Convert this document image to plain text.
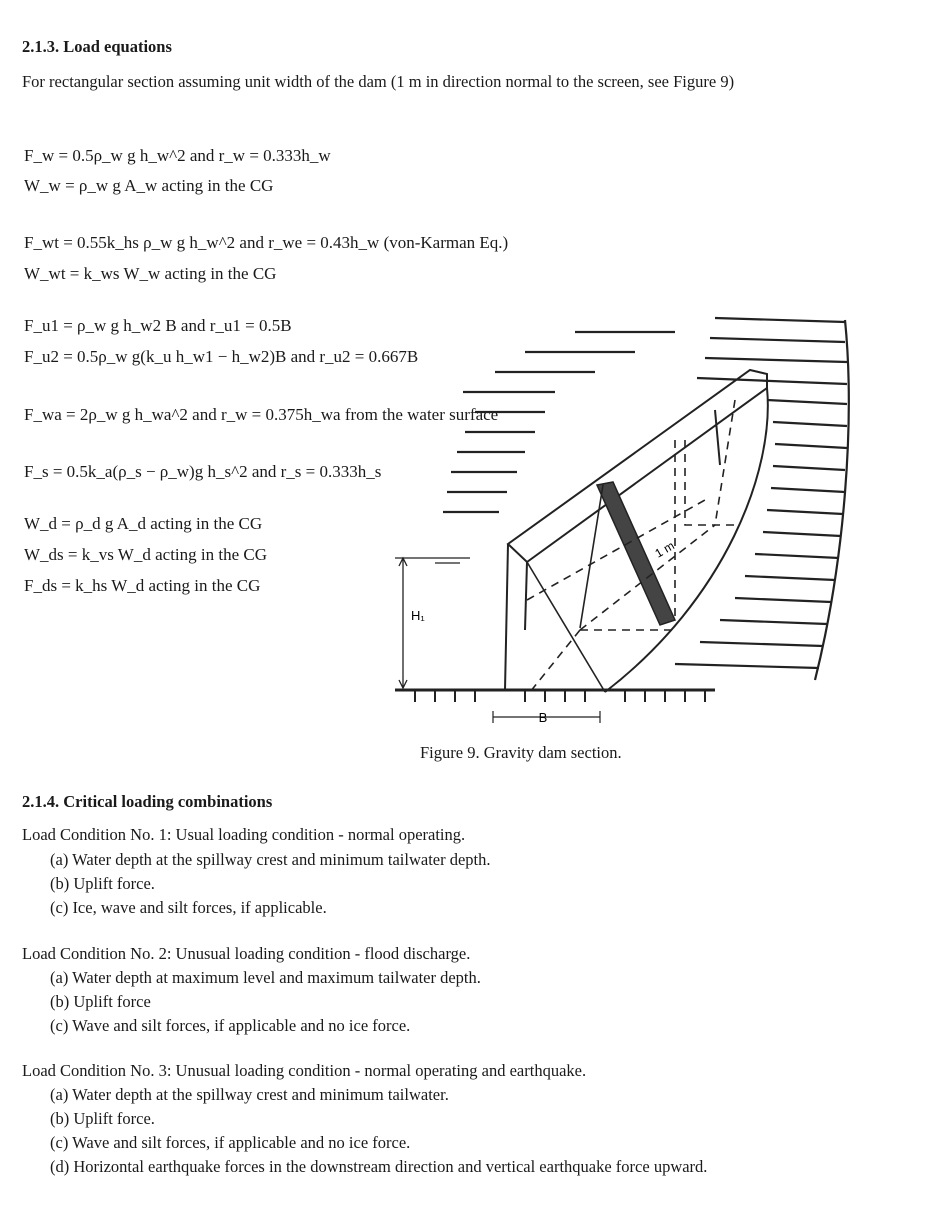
2.1.3. Load equations
For rectangular section assuming unit width of the dam (1 m in direction normal to the screen, see Figure 9)
F_w = 0.5ρ_w g h_w^2 and r_w = 0.333h_w
W_w = ρ_w g A_w acting in the CG
F_wt = 0.55k_hs ρ_w g h_w^2 and r_we = 0.43h_w (von-Karman Eq.)
W_wt = k_ws W_w acting in the CG
F_u1 = ρ_w g h_w2 B and r_u1 = 0.5B
F_u2 = 0.5ρ_w g(k_u h_w1 − h_w2)B and r_u2 = 0.667B
F_wa = 2ρ_w g h_wa^2 and r_w = 0.375h_wa from the water surface
F_s = 0.5k_a(ρ_s − ρ_w)g h_s^2 and r_s = 0.333h_s
W_d = ρ_d g A_d acting in the CG
W_ds = k_vs W_d acting in the CG
F_ds = k_hs W_d acting in the CG
H₁
B
1 m
Figure 9. Gravity dam section.
2.1.4. Critical loading combinations
Load Condition No. 1: Usual loading condition - normal operating.
(a) Water depth at the spillway crest and minimum tailwater depth.
(b) Uplift force.
(c) Ice, wave and silt forces, if applicable.
Load Condition No. 2: Unusual loading condition - flood discharge.
(a) Water depth at maximum level and maximum tailwater depth.
(b) Uplift force
(c) Wave and silt forces, if applicable and no ice force.
Load Condition No. 3: Unusual loading condition - normal operating and earthquake.
(a) Water depth at the spillway crest and minimum tailwater.
(b) Uplift force.
(c) Wave and silt forces, if applicable and no ice force.
(d) Horizontal earthquake forces in the downstream direction and vertical earthquake force upward.
